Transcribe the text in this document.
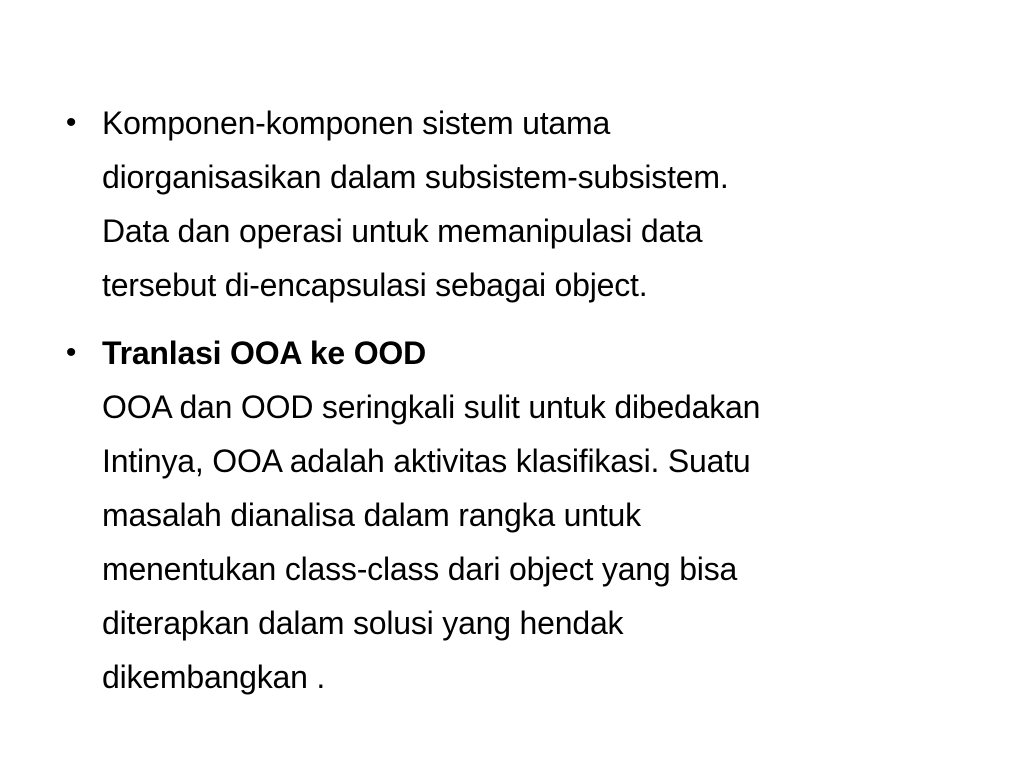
• Komponen-komponen sistem utama
diorganisasikan dalam subsistem-subsistem.
Data dan operasi untuk memanipulasi data
tersebut di-encapsulasi sebagai object.
• Tranlasi OOA ke OOD
OOA dan OOD seringkali sulit untuk dibedakan
Intinya, OOA adalah aktivitas klasifikasi. Suatu
masalah dianalisa dalam rangka untuk
menentukan class-class dari object yang bisa
diterapkan dalam solusi yang hendak
dikembangkan .
